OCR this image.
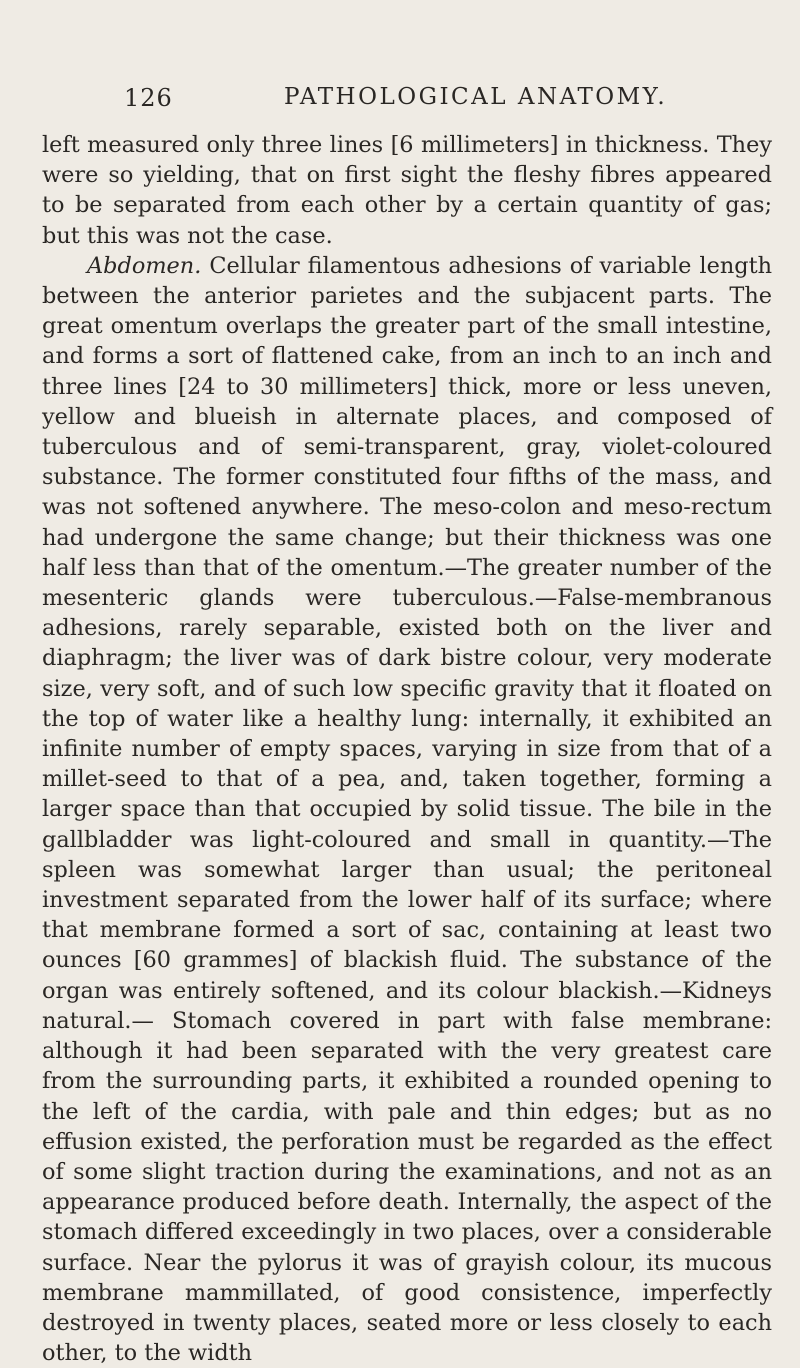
126	PATHOLOGICAL ANATOMY.

left measured only three lines [6 millimeters] in thickness. They were so yielding, that on first sight the fleshy fibres appeared to be separated from each other by a certain quantity of gas; but this was not the case.

Abdomen. Cellular filamentous adhesions of variable length between the anterior parietes and the subjacent parts. The great omentum overlaps the greater part of the small intestine, and forms a sort of flattened cake, from an inch to an inch and three lines [24 to 30 millimeters] thick, more or less uneven, yellow and blueish in alternate places, and composed of tuberculous and of semi-transparent, gray, violet-coloured substance. The former constituted four fifths of the mass, and was not softened anywhere. The meso-colon and meso-rectum had undergone the same change; but their thickness was one half less than that of the omentum.—The greater number of the mesenteric glands were tuberculous.—False-membranous adhesions, rarely separable, existed both on the liver and diaphragm; the liver was of dark bistre colour, very moderate size, very soft, and of such low specific gravity that it floated on the top of water like a healthy lung: internally, it exhibited an infinite number of empty spaces, varying in size from that of a millet-seed to that of a pea, and, taken together, forming a larger space than that occupied by solid tissue. The bile in the gallbladder was light-coloured and small in quantity.—The spleen was somewhat larger than usual; the peritoneal investment separated from the lower half of its surface; where that membrane formed a sort of sac, containing at least two ounces [60 grammes] of blackish fluid. The substance of the organ was entirely softened, and its colour blackish.—Kidneys natural.— Stomach covered in part with false membrane: although it had been separated with the very greatest care from the surrounding parts, it exhibited a rounded opening to the left of the cardia, with pale and thin edges; but as no effusion existed, the perforation must be regarded as the effect of some slight traction during the examinations, and not as an appearance produced before death. Internally, the aspect of the stomach differed exceedingly in two places, over a considerable surface. Near the pylorus it was of grayish colour, its mucous membrane mammillated, of good consistence, imperfectly destroyed in twenty places, seated more or less closely to each other, to the width
